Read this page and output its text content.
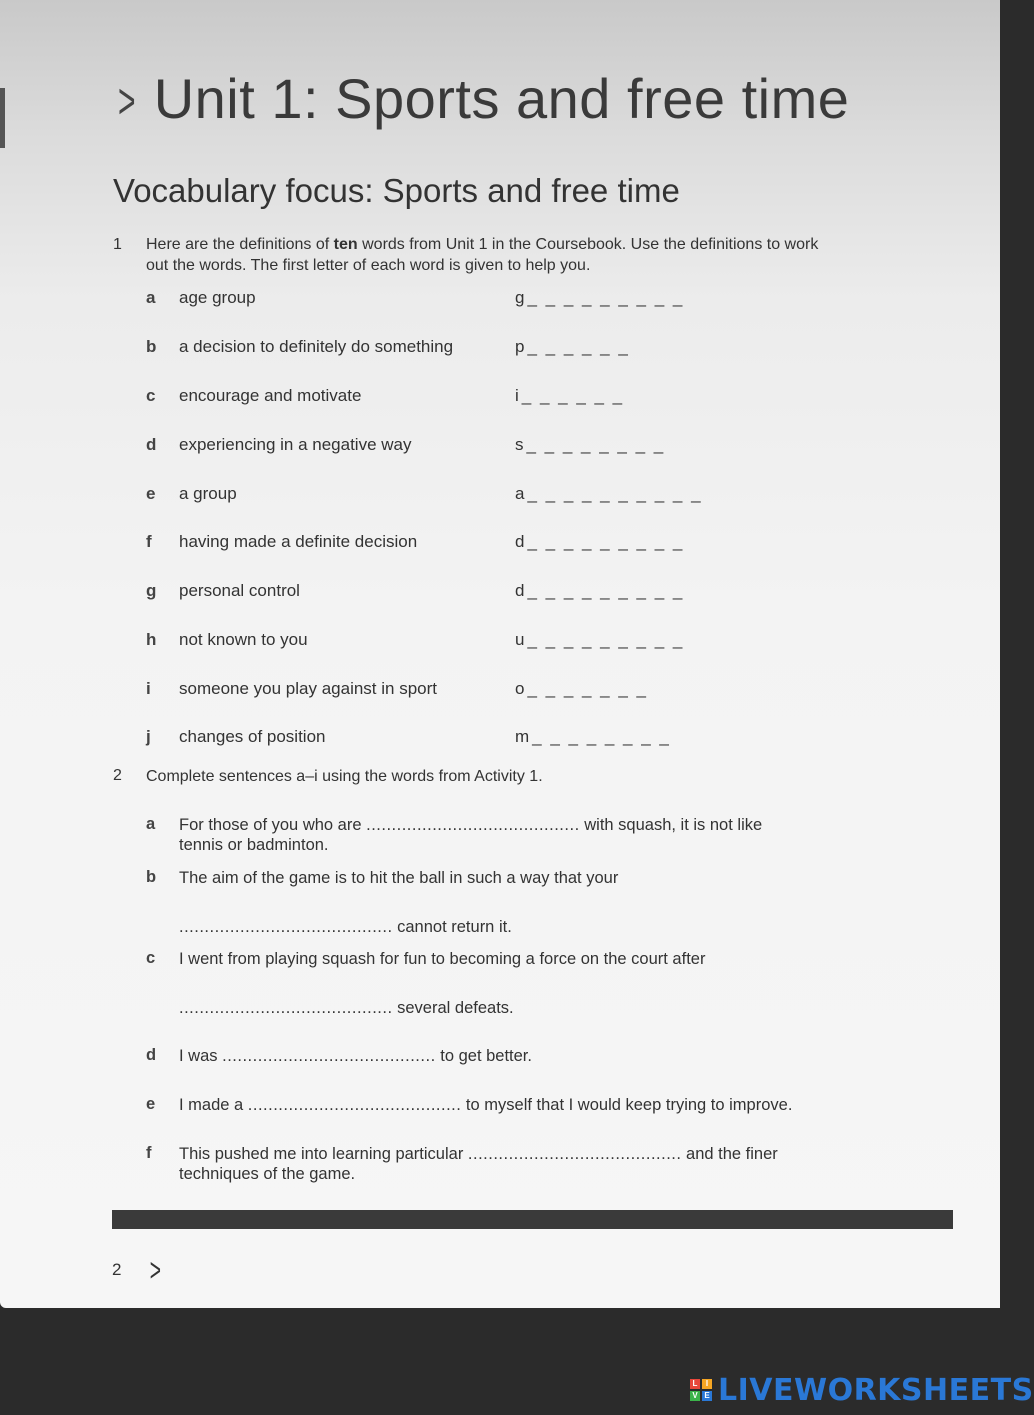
> Unit 1: Sports and free time
Vocabulary focus: Sports and free time
1 Here are the definitions of ten words from Unit 1 in the Coursebook. Use the definitions to work out the words. The first letter of each word is given to help you.
a age group	g _ _ _ _ _ _ _ _ _
b a decision to definitely do something	p _ _ _ _ _ _
c encourage and motivate	i _ _ _ _ _ _
d experiencing in a negative way	s _ _ _ _ _ _ _ _
e a group	a _ _ _ _ _ _ _ _ _ _
f having made a definite decision	d _ _ _ _ _ _ _ _ _
g personal control	d _ _ _ _ _ _ _ _ _
h not known to you	u _ _ _ _ _ _ _ _ _
i someone you play against in sport	o _ _ _ _ _ _ _
j changes of position	m _ _ _ _ _ _ _ _
2 Complete sentences a–i using the words from Activity 1.
a For those of you who are .......................................... with squash, it is not like tennis or badminton.
b The aim of the game is to hit the ball in such a way that your
.......................................... cannot return it.
c I went from playing squash for fun to becoming a force on the court after
.......................................... several defeats.
d I was .......................................... to get better.
e I made a .......................................... to myself that I would keep trying to improve.
f This pushed me into learning particular .......................................... and the finer techniques of the game.
2 >
L	I
V E LIVEWORKSHEETS
